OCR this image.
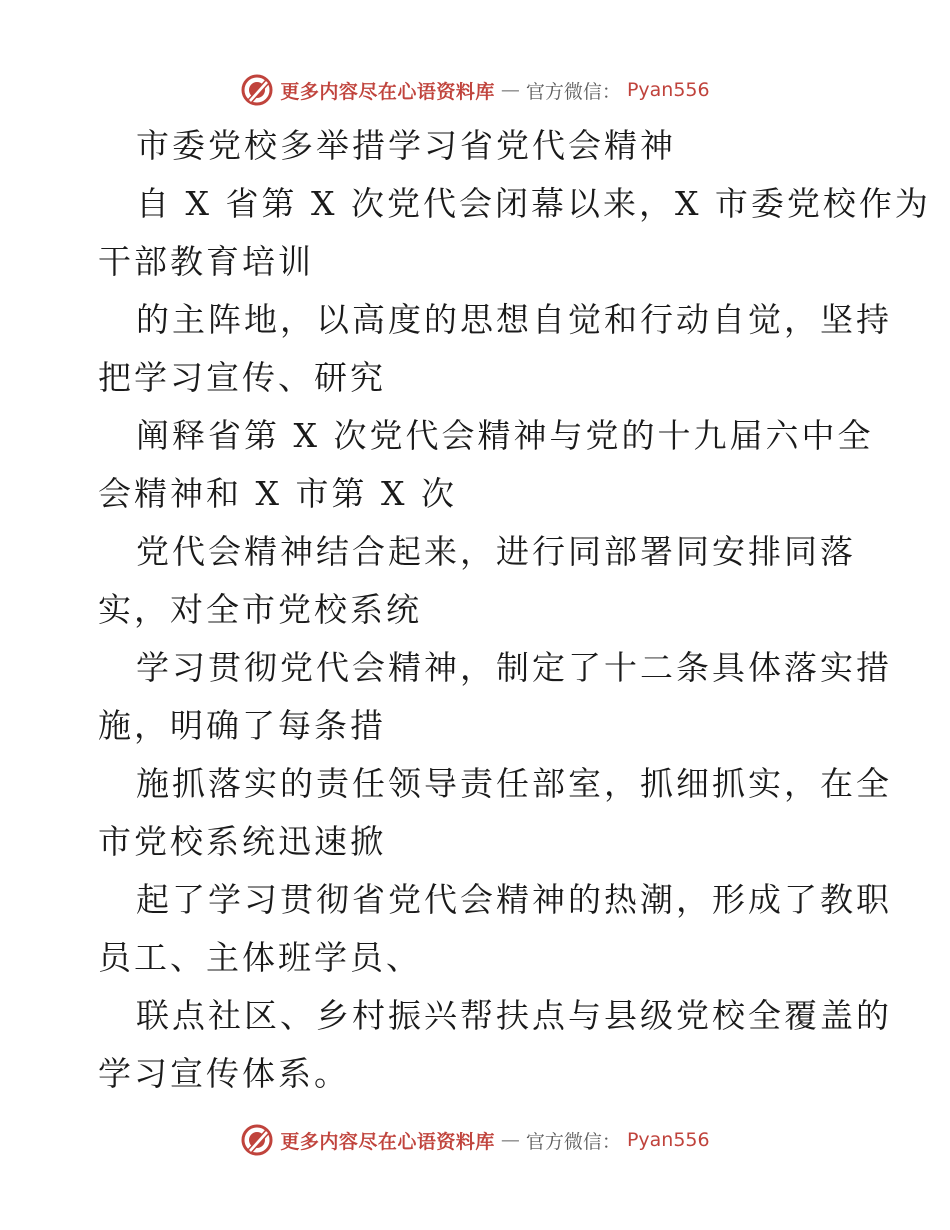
更多内容尽在心语资料库 — 官方微信： Pyan556
市委党校多举措学习省党代会精神
自 X 省第 X 次党代会闭幕以来，X 市委党校作为
干部教育培训
的主阵地，以高度的思想自觉和行动自觉，坚持
把学习宣传、研究
阐释省第 X 次党代会精神与党的十九届六中全
会精神和 X 市第 X 次
党代会精神结合起来，进行同部署同安排同落
实，对全市党校系统
学习贯彻党代会精神，制定了十二条具体落实措
施，明确了每条措
施抓落实的责任领导责任部室，抓细抓实，在全
市党校系统迅速掀
起了学习贯彻省党代会精神的热潮，形成了教职
员工、主体班学员、
联点社区、乡村振兴帮扶点与县级党校全覆盖的
学习宣传体系。
更多内容尽在心语资料库 — 官方微信： Pyan556
